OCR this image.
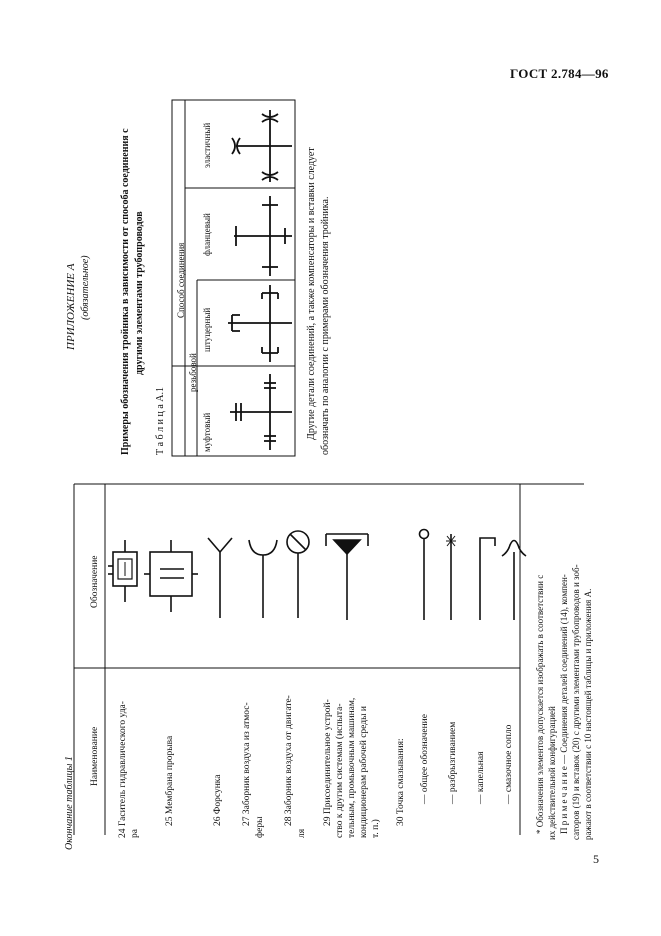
ГОСТ 2.784—96
5
Окончание таблицы 1 Наименование
Обозначение
24 Гаситель гидравлического уда- ра
25 Мембрана прорыва	26 Форсунка 27 Заборник воздуха из атмос-
феры
28 Заборник воздуха от двигате-
ля
29 Присоединительное устрой- ство к другим системам (испыта- тельным, промывочным машинам, кондиционерам рабочей среды и т. п.)
30 Точка смазывания: — общее обозначение — разбрызгиванием — капельная — смазочное сопло * Обозначения элементов допускается изображать в соответствии с их действительной конфигурацией П р и м е ч а н и е — Соединения деталей соединений (14), компен- саторов (19) и вставок (20) с другими элементами трубопроводов и зоб- ражают в соответствии с 10 настоящей таблицы и приложения А.
ПРИЛОЖЕНИЕ А (обязательное)	Примеры обозначения тройника в зависимости от способа соединения с другими элементами трубопроводов
Т а б л и ц а А.1
Способ соединения
резьбовой
муфтовый
штуцерный
фланцевый
эластичный
Другие детали соединений, а также компенсаторы и вставки следует обозначать по аналогии с примерами обозначения тройника.
